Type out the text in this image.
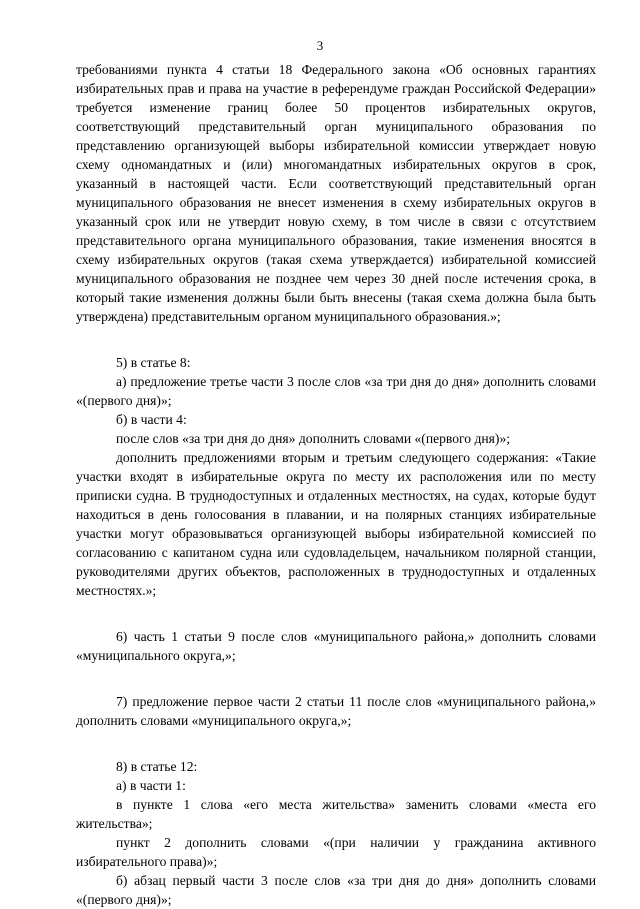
3

требованиями пункта 4 статьи 18 Федерального закона «Об основных гарантиях избирательных прав и права на участие в референдуме граждан Российской Федерации» требуется изменение границ более 50 процентов избирательных округов, соответствующий представительный орган муниципального образования по представлению организующей выборы избирательной комиссии утверждает новую схему одномандатных и (или) многомандатных избирательных округов в срок, указанный в настоящей части. Если соответствующий представительный орган муниципального образования не внесет изменения в схему избирательных округов в указанный срок или не утвердит новую схему, в том числе в связи с отсутствием представительного органа муниципального образования, такие изменения вносятся в схему избирательных округов (такая схема утверждается) избирательной комиссией муниципального образования не позднее чем через 30 дней после истечения срока, в который такие изменения должны были быть внесены (такая схема должна была быть утверждена) представительным органом муниципального образования.»;

5) в статье 8:

а) предложение третье части 3 после слов «за три дня до дня» дополнить словами «(первого дня)»;

б) в части 4:

после слов «за три дня до дня» дополнить словами «(первого дня)»;

дополнить предложениями вторым и третьим следующего содержания: «Такие участки входят в избирательные округа по месту их расположения или по месту приписки судна. В труднодоступных и отдаленных местностях, на судах, которые будут находиться в день голосования в плавании, и на полярных станциях избирательные участки могут образовываться организующей выборы избирательной комиссией по согласованию с капитаном судна или судовладельцем, начальником полярной станции, руководителями других объектов, расположенных в труднодоступных и отдаленных местностях.»;

6) часть 1 статьи 9 после слов «муниципального района,» дополнить словами «муниципального округа,»;

7) предложение первое части 2 статьи 11 после слов «муниципального района,» дополнить словами «муниципального округа,»;

8) в статье 12:

а) в части 1:

в пункте 1 слова «его места жительства» заменить словами «места его жительства»;

пункт 2 дополнить словами «(при наличии у гражданина активного избирательного права)»;

б) абзац первый части 3 после слов «за три дня до дня» дополнить словами «(первого дня)»;
